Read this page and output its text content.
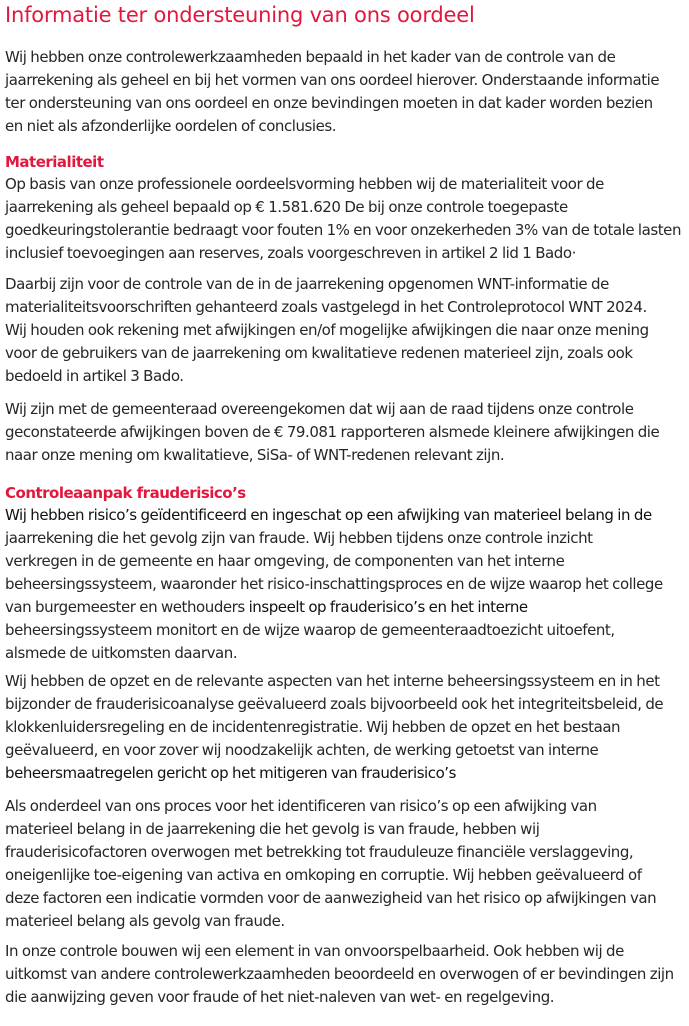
Informatie ter ondersteuning van ons oordeel
Wij hebben onze controlewerkzaamheden bepaald in het kader van de controle van de
jaarrekening als geheel en bij het vormen van ons oordeel hierover. Onderstaande informatie
ter ondersteuning van ons oordeel en onze bevindingen moeten in dat kader worden bezien
en niet als afzonderlijke oordelen of conclusies.
Materialiteit
Op basis van onze professionele oordeelsvorming hebben wij de materialiteit voor de
jaarrekening als geheel bepaald op € 1.581.620 De bij onze controle toegepaste
goedkeuringstolerantie bedraagt voor fouten 1% en voor onzekerheden 3% van de totale lasten
inclusief toevoegingen aan reserves, zoals voorgeschreven in artikel 2 lid 1 Bado·
Daarbij zijn voor de controle van de in de jaarrekening opgenomen WNT-informatie de
materialiteitsvoorschriften gehanteerd zoals vastgelegd in het Controleprotocol WNT 2024.
Wij houden ook rekening met afwijkingen en/of mogelijke afwijkingen die naar onze mening
voor de gebruikers van de jaarrekening om kwalitatieve redenen materieel zijn, zoals ook
bedoeld in artikel 3 Bado.
Wij zijn met de gemeenteraad overeengekomen dat wij aan de raad tijdens onze controle
geconstateerde afwijkingen boven de € 79.081 rapporteren alsmede kleinere afwijkingen die
naar onze mening om kwalitatieve, SiSa- of WNT-redenen relevant zijn.
Controleaanpak frauderisico’s
Wij hebben risico’s geïdentificeerd en ingeschat op een afwijking van materieel belang in de
jaarrekening die het gevolg zijn van fraude. Wij hebben tijdens onze controle inzicht
verkregen in de gemeente en haar omgeving, de componenten van het interne
beheersingssysteem, waaronder het risico-inschattingsproces en de wijze waarop het college
van burgemeester en wethouders inspeelt op frauderisico’s en het interne
beheersingssysteem monitort en de wijze waarop de gemeenteraadtoezicht uitoefent,
alsmede de uitkomsten daarvan.
Wij hebben de opzet en de relevante aspecten van het interne beheersingssysteem en in het
bijzonder de frauderisicoanalyse geëvalueerd zoals bijvoorbeeld ook het integriteitsbeleid, de
klokkenluidersregeling en de incidentenregistratie. Wij hebben de opzet en het bestaan
geëvalueerd, en voor zover wij noodzakelijk achten, de werking getoetst van interne
beheersmaatregelen gericht op het mitigeren van frauderisico’s
Als onderdeel van ons proces voor het identificeren van risico’s op een afwijking van
materieel belang in de jaarrekening die het gevolg is van fraude, hebben wij
frauderisicofactoren overwogen met betrekking tot frauduleuze financiële verslaggeving,
oneigenlijke toe-eigening van activa en omkoping en corruptie. Wij hebben geëvalueerd of
deze factoren een indicatie vormden voor de aanwezigheid van het risico op afwijkingen van
materieel belang als gevolg van fraude.
In onze controle bouwen wij een element in van onvoorspelbaarheid. Ook hebben wij de
uitkomst van andere controlewerkzaamheden beoordeeld en overwogen of er bevindingen zijn
die aanwijzing geven voor fraude of het niet-naleven van wet- en regelgeving.
